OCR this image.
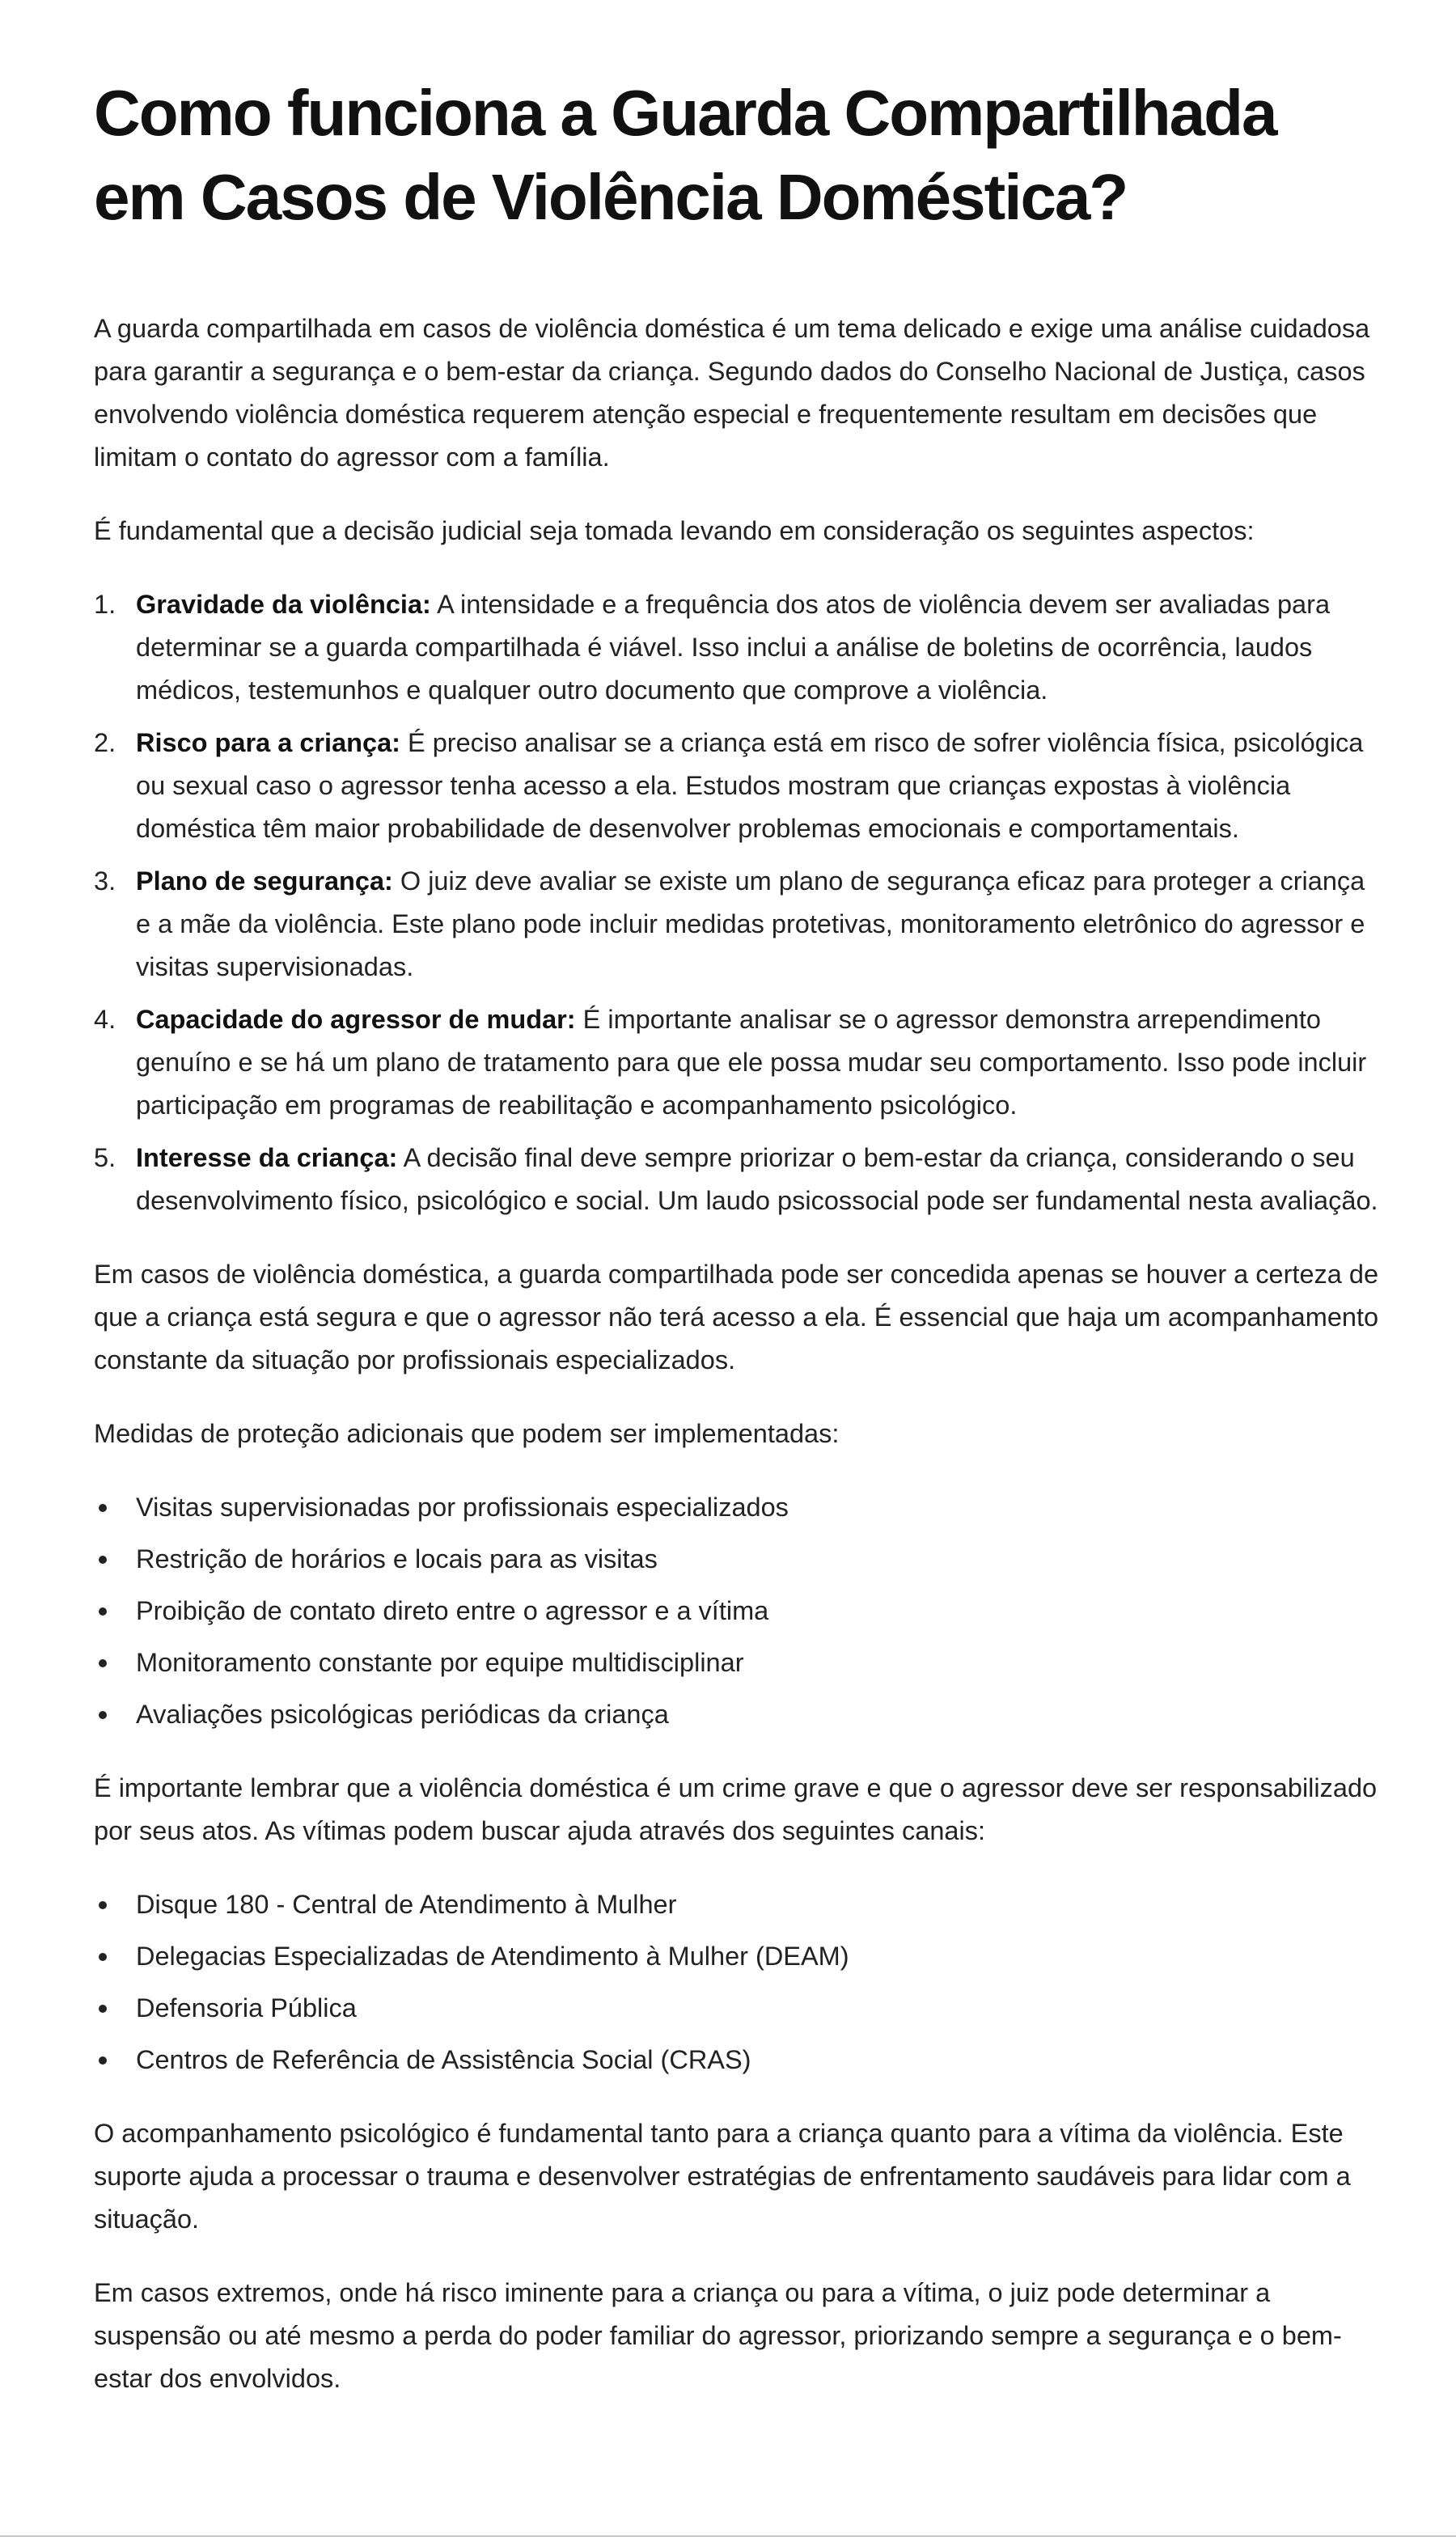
Como funciona a Guarda Compartilhada em Casos de Violência Doméstica?

A guarda compartilhada em casos de violência doméstica é um tema delicado e exige uma análise cuidadosa para garantir a segurança e o bem-estar da criança. Segundo dados do Conselho Nacional de Justiça, casos envolvendo violência doméstica requerem atenção especial e frequentemente resultam em decisões que limitam o contato do agressor com a família.

É fundamental que a decisão judicial seja tomada levando em consideração os seguintes aspectos:

1. Gravidade da violência: A intensidade e a frequência dos atos de violência devem ser avaliadas para determinar se a guarda compartilhada é viável. Isso inclui a análise de boletins de ocorrência, laudos médicos, testemunhos e qualquer outro documento que comprove a violência.
2. Risco para a criança: É preciso analisar se a criança está em risco de sofrer violência física, psicológica ou sexual caso o agressor tenha acesso a ela. Estudos mostram que crianças expostas à violência doméstica têm maior probabilidade de desenvolver problemas emocionais e comportamentais.
3. Plano de segurança: O juiz deve avaliar se existe um plano de segurança eficaz para proteger a criança e a mãe da violência. Este plano pode incluir medidas protetivas, monitoramento eletrônico do agressor e visitas supervisionadas.
4. Capacidade do agressor de mudar: É importante analisar se o agressor demonstra arrependimento genuíno e se há um plano de tratamento para que ele possa mudar seu comportamento. Isso pode incluir participação em programas de reabilitação e acompanhamento psicológico.
5. Interesse da criança: A decisão final deve sempre priorizar o bem-estar da criança, considerando o seu desenvolvimento físico, psicológico e social. Um laudo psicossocial pode ser fundamental nesta avaliação.

Em casos de violência doméstica, a guarda compartilhada pode ser concedida apenas se houver a certeza de que a criança está segura e que o agressor não terá acesso a ela. É essencial que haja um acompanhamento constante da situação por profissionais especializados.

Medidas de proteção adicionais que podem ser implementadas:

Visitas supervisionadas por profissionais especializados
Restrição de horários e locais para as visitas
Proibição de contato direto entre o agressor e a vítima
Monitoramento constante por equipe multidisciplinar
Avaliações psicológicas periódicas da criança

É importante lembrar que a violência doméstica é um crime grave e que o agressor deve ser responsabilizado por seus atos. As vítimas podem buscar ajuda através dos seguintes canais:

Disque 180 - Central de Atendimento à Mulher
Delegacias Especializadas de Atendimento à Mulher (DEAM)
Defensoria Pública
Centros de Referência de Assistência Social (CRAS)

O acompanhamento psicológico é fundamental tanto para a criança quanto para a vítima da violência. Este suporte ajuda a processar o trauma e desenvolver estratégias de enfrentamento saudáveis para lidar com a situação.

Em casos extremos, onde há risco iminente para a criança ou para a vítima, o juiz pode determinar a suspensão ou até mesmo a perda do poder familiar do agressor, priorizando sempre a segurança e o bem-estar dos envolvidos.
